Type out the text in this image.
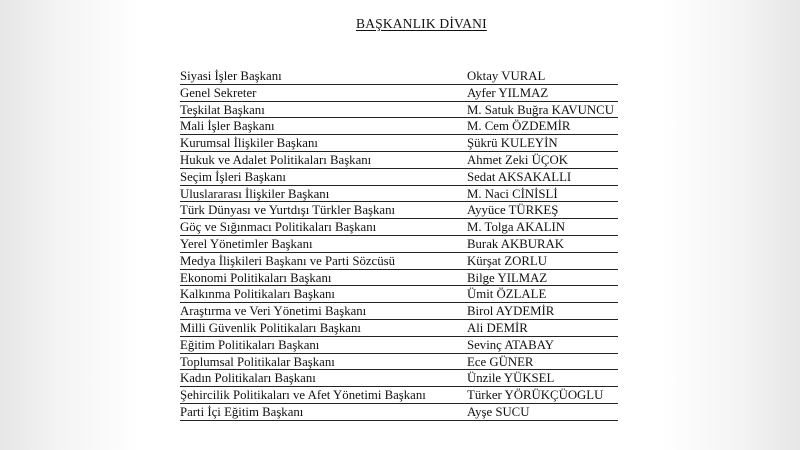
BAŞKANLIK DİVANI
Siyasi İşler Başkanı	Oktay VURAL
Genel Sekreter	Ayfer YILMAZ
Teşkilat Başkanı	M. Satuk Buğra KAVUNCU
Mali İşler Başkanı	M. Cem ÖZDEMİR
Kurumsal İlişkiler Başkanı	Şükrü KULEYİN
Hukuk ve Adalet Politikaları Başkanı	Ahmet Zeki ÜÇOK
Seçim İşleri Başkanı	Sedat AKSAKALLI
Uluslararası İlişkiler Başkanı	M. Naci CİNİSLİ
Türk Dünyası ve Yurtdışı Türkler Başkanı	Ayyüce TÜRKEŞ
Göç ve Sığınmacı Politikaları Başkanı	M. Tolga AKALIN
Yerel Yönetimler Başkanı	Burak AKBURAK
Medya İlişkileri Başkanı ve Parti Sözcüsü	Kürşat ZORLU
Ekonomi Politikaları Başkanı	Bilge YILMAZ
Kalkınma Politikaları Başkanı	Ümit ÖZLALE
Araştırma ve Veri Yönetimi Başkanı	Birol AYDEMİR
Milli Güvenlik Politikaları Başkanı	Ali DEMİR
Eğitim Politikaları Başkanı	Sevinç ATABAY
Toplumsal Politikalar Başkanı	Ece GÜNER
Kadın Politikaları Başkanı	Ünzile YÜKSEL
Şehircilik Politikaları ve Afet Yönetimi Başkanı	Türker YÖRÜKÇÜOGLU
Parti İçi Eğitim Başkanı	Ayşe SUCU
